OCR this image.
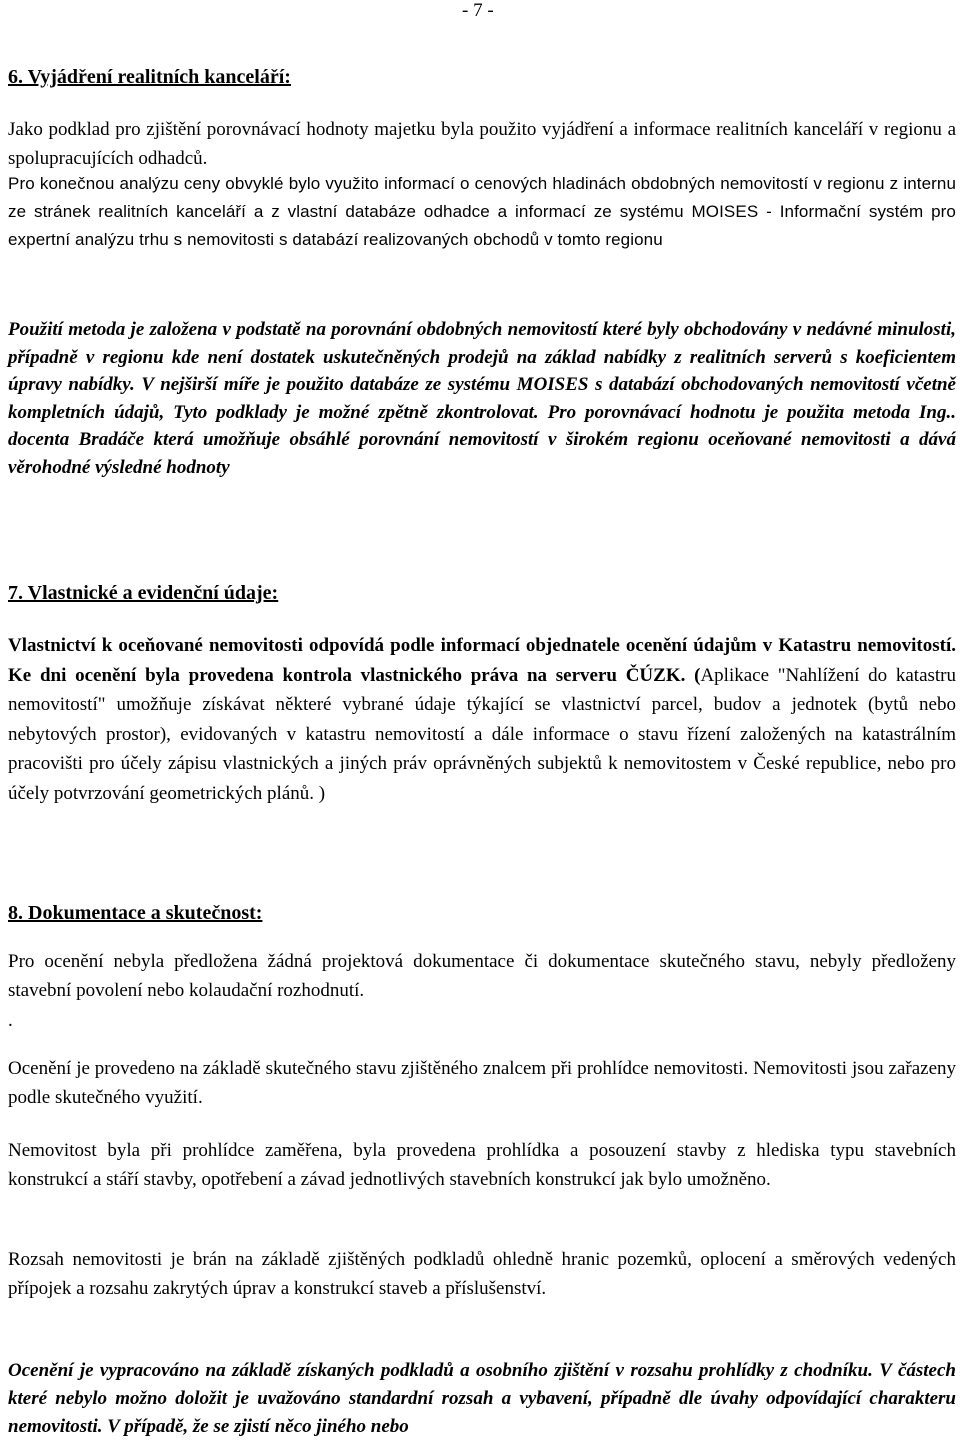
- 7 -
6. Vyjádření realitních kanceláří:
Jako podklad pro zjištění porovnávací hodnoty majetku byla použito vyjádření a informace realitních kanceláří v regionu a spolupracujících odhadců.
Pro konečnou analýzu ceny obvyklé bylo využito informací o cenových hladinách obdobných nemovitostí v regionu z internu ze stránek realitních kanceláří a z vlastní databáze odhadce a informací ze systému MOISES - Informační systém pro expertní analýzu trhu s nemovitosti s databází realizovaných obchodů v tomto regionu
Použití metoda je založena v podstatě na porovnání obdobných nemovitostí které byly obchodovány v nedávné minulosti, případně v regionu kde není dostatek uskutečněných prodejů na základ nabídky z realitních serverů s koeficientem úpravy nabídky. V nejširší míře je použito databáze ze systému MOISES s databází obchodovaných nemovitostí včetně kompletních údajů, Tyto podklady je možné zpětně zkontrolovat. Pro porovnávací hodnotu je použita metoda Ing.. docenta Bradáče která umožňuje obsáhlé porovnání nemovitostí v širokém regionu oceňované nemovitosti a dává věrohodné výsledné hodnoty
7. Vlastnické a evidenční údaje:
Vlastnictví k oceňované nemovitosti odpovídá podle informací objednatele ocenění údajům v Katastru nemovitostí. Ke dni ocenění byla provedena kontrola vlastnického práva na serveru ČÚZK. (Aplikace "Nahlížení do katastru nemovitostí" umožňuje získávat některé vybrané údaje týkající se vlastnictví parcel, budov a jednotek (bytů nebo nebytových prostor), evidovaných v katastru nemovitostí a dále informace o stavu řízení založených na katastrálním pracovišti pro účely zápisu vlastnických a jiných práv oprávněných subjektů k nemovitostem v České republice, nebo pro účely potvrzování geometrických plánů. )
8. Dokumentace a skutečnost:
Pro ocenění nebyla předložena žádná projektová dokumentace či dokumentace skutečného stavu, nebyly předloženy stavební povolení nebo kolaudační rozhodnutí.
.
Ocenění je provedeno na základě skutečného stavu zjištěného znalcem při prohlídce nemovitosti. Nemovitosti jsou zařazeny podle skutečného využití.
Nemovitost byla při prohlídce zaměřena, byla provedena prohlídka a posouzení stavby z hlediska typu stavebních konstrukcí a stáří stavby, opotřebení a závad jednotlivých stavebních konstrukcí jak bylo umožněno.
Rozsah nemovitosti je brán na základě zjištěných podkladů ohledně hranic pozemků, oplocení a směrových vedených přípojek a rozsahu zakrytých úprav a konstrukcí staveb a příslušenství.
Ocenění je vypracováno na základě získaných podkladů a osobního zjištění v rozsahu prohlídky z chodníku. V částech které nebylo možno doložit je uvažováno standardní rozsah a vybavení, případně dle úvahy odpovídající charakteru nemovitosti. V případě, že se zjistí něco jiného nebo
